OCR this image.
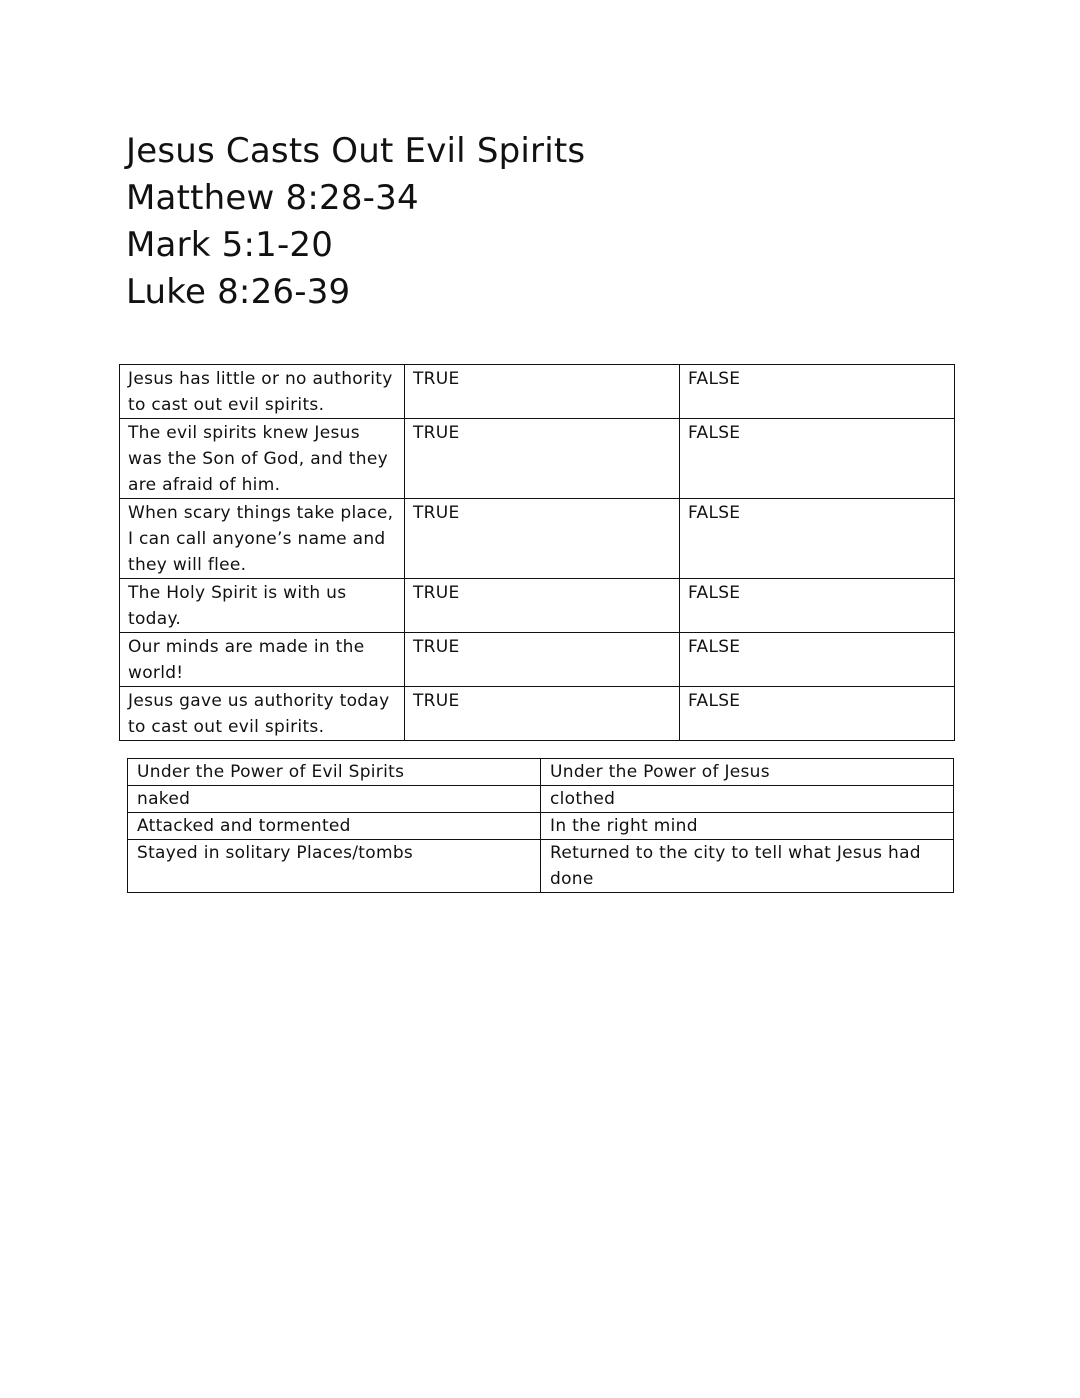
Jesus Casts Out Evil Spirits
Matthew 8:28-34
Mark 5:1-20
Luke 8:26-39
Jesus has little or no authority to cast out evil spirits.	TRUE	FALSE
The evil spirits knew Jesus was the Son of God, and they are afraid of him.	TRUE	FALSE
When scary things take place, I can call anyone’s name and they will flee.	TRUE	FALSE
The Holy Spirit is with us today.	TRUE	FALSE
Our minds are made in the world!	TRUE	FALSE
Jesus gave us authority today to cast out evil spirits.	TRUE	FALSE
Under the Power of Evil Spirits	Under the Power of Jesus
naked	clothed
Attacked and tormented	In the right mind
Stayed in solitary Places/tombs	Returned to the city to tell what Jesus had done
